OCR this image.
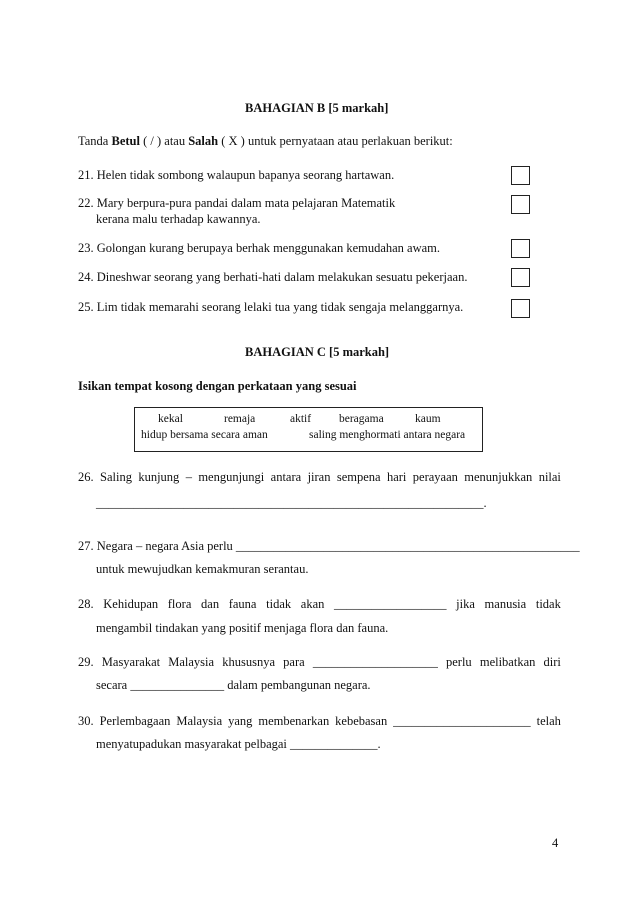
BAHAGIAN B [5 markah]
Tanda Betul ( / ) atau Salah ( X ) untuk pernyataan atau perlakuan berikut:
21. Helen tidak sombong walaupun bapanya seorang hartawan.
22. Mary berpura-pura pandai dalam mata pelajaran Matematik
kerana malu terhadap kawannya.
23. Golongan kurang berupaya berhak menggunakan kemudahan awam.
24. Dineshwar seorang yang berhati-hati dalam melakukan sesuatu pekerjaan.
25. Lim tidak memarahi seorang lelaki tua yang tidak sengaja melanggarnya.
BAHAGIAN C [5 markah]
Isikan tempat kosong dengan perkataan yang sesuai
kekal	remaja	aktif beragama	kaum
hidup bersama secara aman	saling menghormati antara negara
26. Saling kunjung – mengunjungi antara jiran sempena hari perayaan menunjukkan nilai
______________________________________________________________.
27. Negara – negara Asia perlu _______________________________________________________
untuk mewujudkan kemakmuran serantau.
28. Kehidupan flora dan fauna tidak akan __________________ jika manusia tidak
mengambil tindakan yang positif menjaga flora dan fauna.
29. Masyarakat Malaysia khususnya para ____________________ perlu melibatkan diri
secara _______________ dalam pembangunan negara.
30. Perlembagaan Malaysia yang membenarkan kebebasan ______________________ telah
menyatupadukan masyarakat pelbagai ______________.
4
